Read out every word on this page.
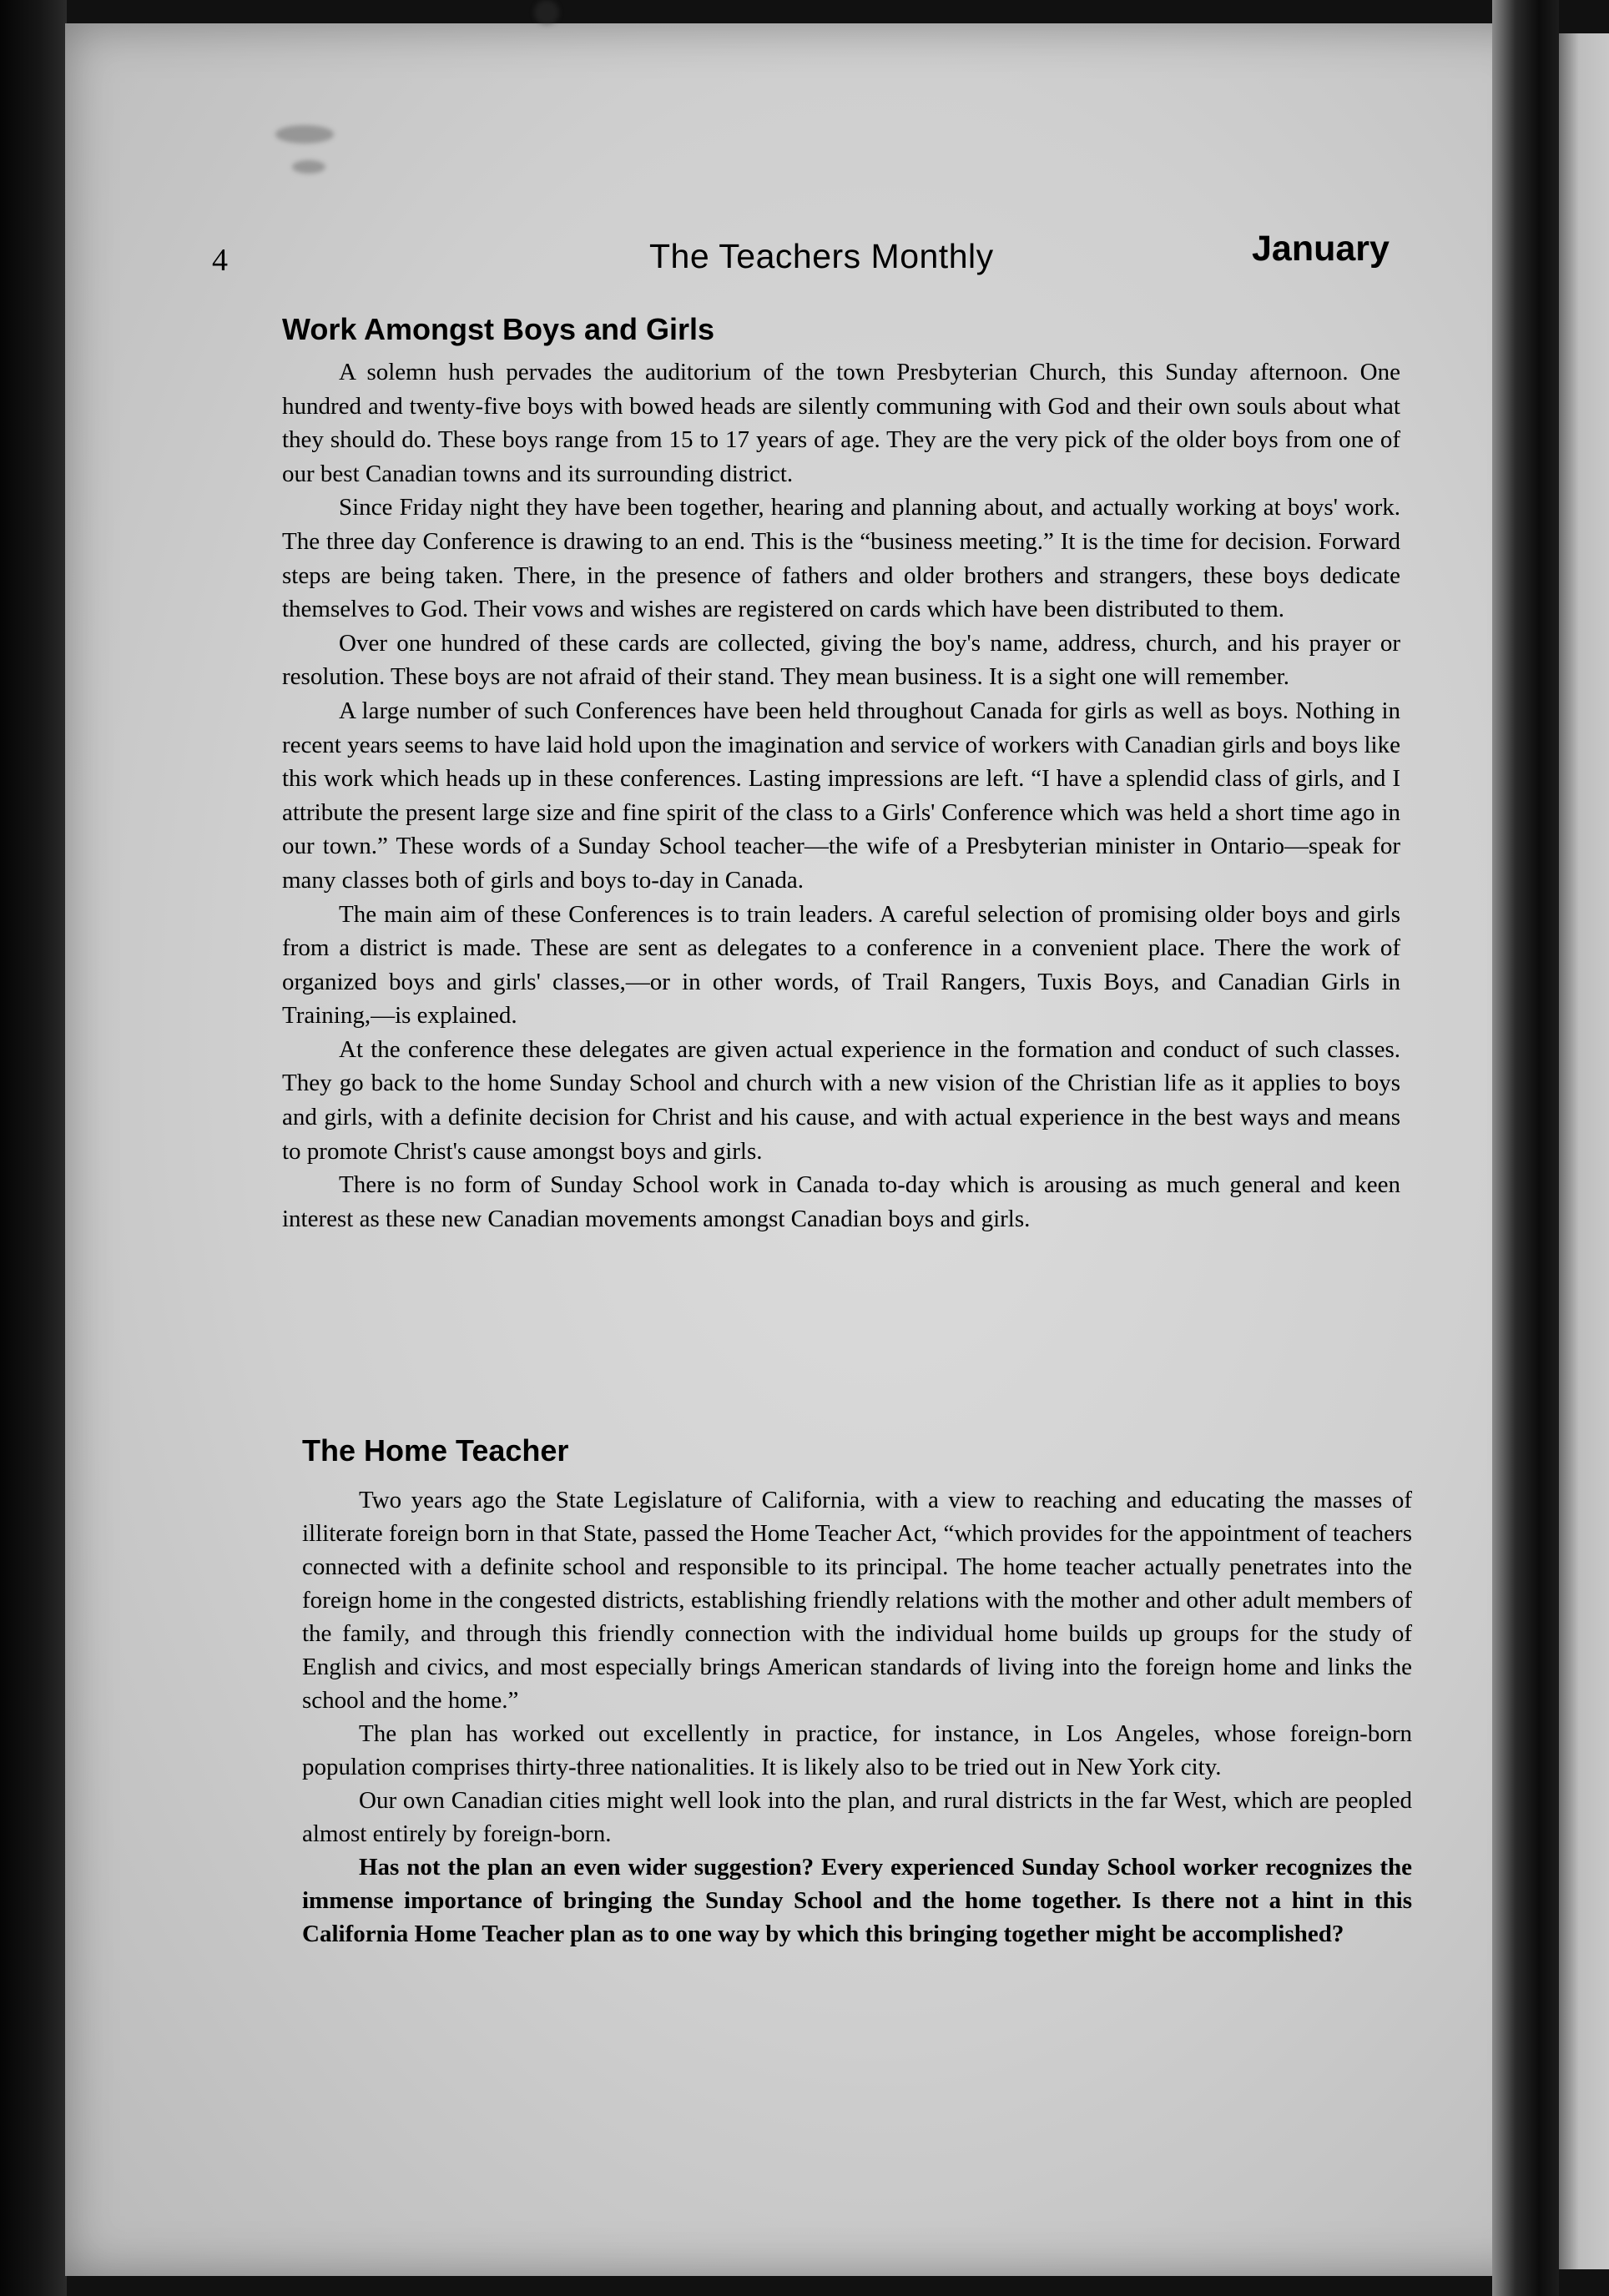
4	The Teachers Monthly	January
Work Amongst Boys and Girls

A solemn hush pervades the auditorium of the town Presbyterian Church, this Sunday afternoon. One hundred and twenty-five boys with bowed heads are silently communing with God and their own souls about what they should do. These boys range from 15 to 17 years of age. They are the very pick of the older boys from one of our best Canadian towns and its surrounding district.

Since Friday night they have been together, hearing and planning about, and actually working at boys' work. The three day Conference is drawing to an end. This is the “business meeting.” It is the time for decision. Forward steps are being taken. There, in the presence of fathers and older brothers and strangers, these boys dedicate themselves to God. Their vows and wishes are registered on cards which have been distributed to them.

Over one hundred of these cards are collected, giving the boy's name, address, church, and his prayer or resolution. These boys are not afraid of their stand. They mean business. It is a sight one will remember.

A large number of such Conferences have been held throughout Canada for girls as well as boys. Nothing in recent years seems to have laid hold upon the imagination and service of workers with Canadian girls and boys like this work which heads up in these conferences. Lasting impressions are left. “I have a splendid class of girls, and I attribute the present large size and fine spirit of the class to a Girls' Conference which was held a short time ago in our town.” These words of a Sunday School teacher—the wife of a Presbyterian minister in Ontario—speak for many classes both of girls and boys to-day in Canada.

The main aim of these Conferences is to train leaders. A careful selection of promising older boys and girls from a district is made. These are sent as delegates to a conference in a convenient place. There the work of organized boys and girls' classes,—or in other words, of Trail Rangers, Tuxis Boys, and Canadian Girls in Training,—is explained.

At the conference these delegates are given actual experience in the formation and conduct of such classes. They go back to the home Sunday School and church with a new vision of the Christian life as it applies to boys and girls, with a definite decision for Christ and his cause, and with actual experience in the best ways and means to promote Christ's cause amongst boys and girls.

There is no form of Sunday School work in Canada to-day which is arousing as much general and keen interest as these new Canadian movements amongst Canadian boys and girls.

The Home Teacher

Two years ago the State Legislature of California, with a view to reaching and educating the masses of illiterate foreign born in that State, passed the Home Teacher Act, “which provides for the appointment of teachers connected with a definite school and responsible to its principal. The home teacher actually penetrates into the foreign home in the congested districts, establishing friendly relations with the mother and other adult members of the family, and through this friendly connection with the individual home builds up groups for the study of English and civics, and most especially brings American standards of living into the foreign home and links the school and the home.”

The plan has worked out excellently in practice, for instance, in Los Angeles, whose foreign-born population comprises thirty-three nationalities. It is likely also to be tried out in New York city.

Our own Canadian cities might well look into the plan, and rural districts in the far West, which are peopled almost entirely by foreign-born.

Has not the plan an even wider suggestion? Every experienced Sunday School worker recognizes the immense importance of bringing the Sunday School and the home together. Is there not a hint in this California Home Teacher plan as to one way by which this bringing together might be accomplished?
